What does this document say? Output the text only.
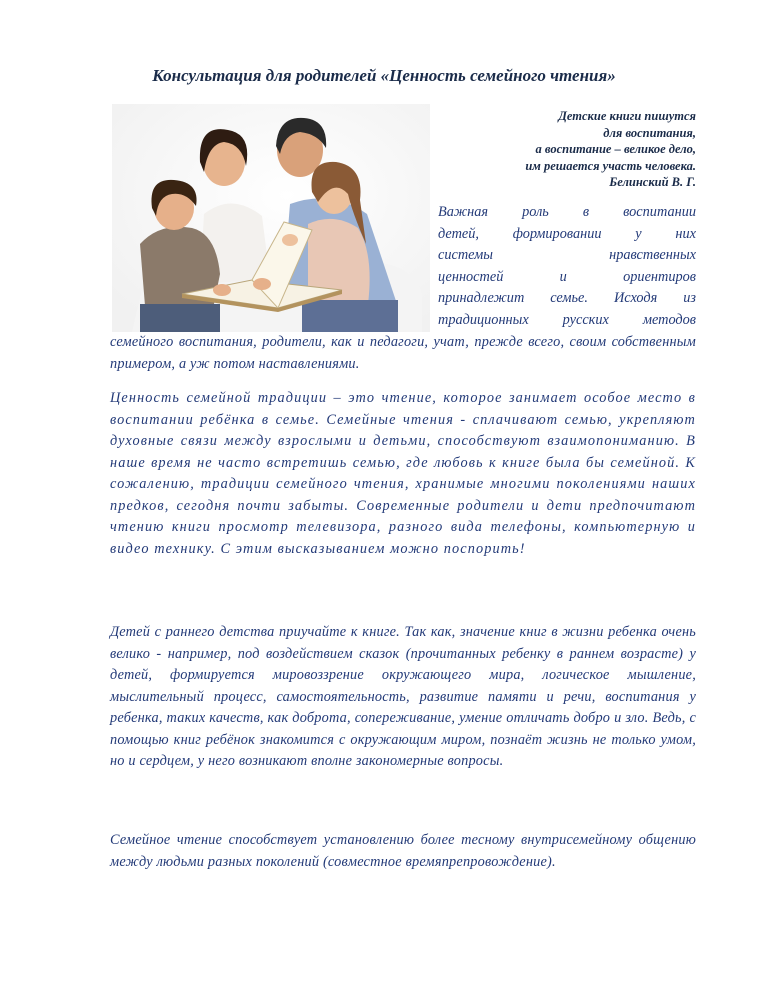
Консультация для родителей «Ценность семейного чтения»
Детские книги пишутся
для воспитания,
а воспитание – великое дело,
им решается участь человека.
Белинский В. Г.
Важная роль в воспитании
детей, формировании у них
системы нравственных
ценностей и ориентиров
принадлежит семье. Исходя из
традиционных русских методов

семейного воспитания, родители, как и педагоги, учат, прежде всего, своим собственным примером, а уж потом наставлениями.

Ценность семейной традиции – это чтение, которое занимает особое место в воспитании ребёнка в семье. Семейные чтения - сплачивают семью, укрепляют духовные связи между взрослыми и детьми, способствуют взаимопониманию. В наше время не часто встретишь семью, где любовь к книге была бы семейной. К сожалению, традиции семейного чтения, хранимые многими поколениями наших предков, сегодня почти забыты. Современные родители и дети предпочитают чтению книги просмотр телевизора, разного вида телефоны, компьютерную и видео технику. С этим высказыванием можно поспорить!

Детей с раннего детства приучайте к книге. Так как, значение книг в жизни ребенка очень велико - например, под воздействием сказок (прочитанных ребенку в раннем возрасте) у детей, формируется мировоззрение окружающего мира, логическое мышление, мыслительный процесс, самостоятельность, развитие памяти и речи, воспитания у ребенка, таких качеств, как доброта, сопереживание, умение отличать добро и зло. Ведь, с помощью книг ребёнок знакомится с окружающим миром, познаёт жизнь не только умом, но и сердцем, у него возникают вполне закономерные вопросы.

Семейное чтение способствует установлению более тесному внутрисемейному общению между людьми разных поколений (совместное времяпрепровождение).
